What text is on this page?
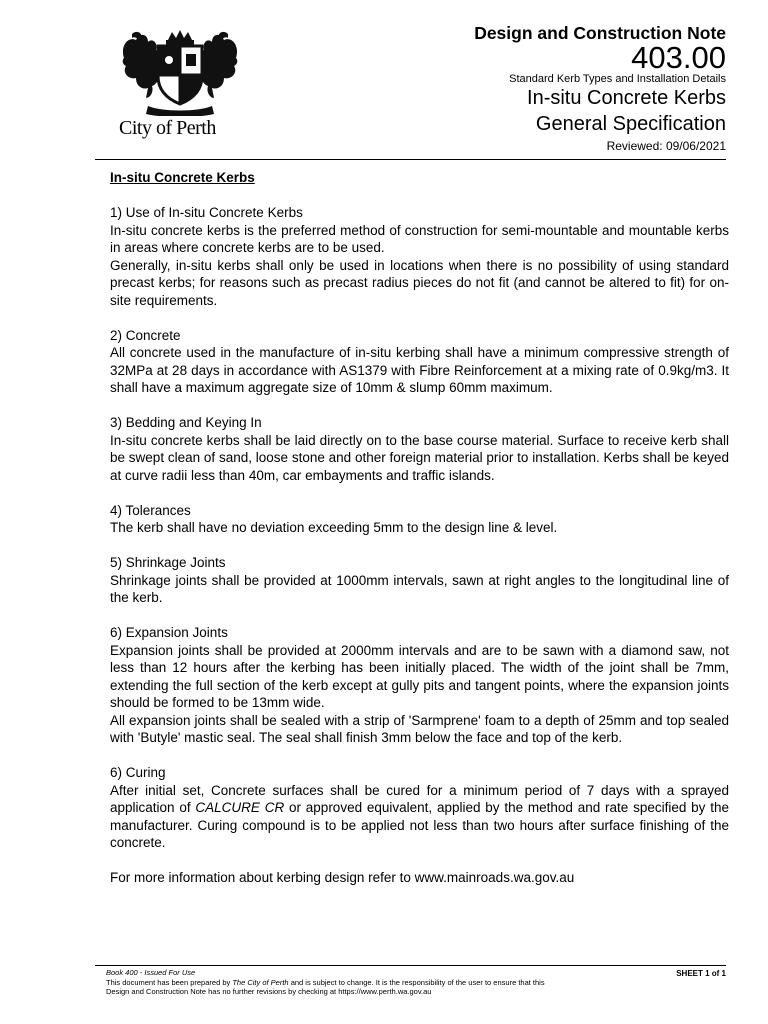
City of Perth
Design and Construction Note
403.00
Standard Kerb Types and Installation Details
In-situ Concrete Kerbs
General Specification
Reviewed: 09/06/2021
In-situ Concrete Kerbs

1) Use of In-situ Concrete Kerbs

In-situ concrete kerbs is the preferred method of construction for semi-mountable and mountable kerbs in areas where concrete kerbs are to be used.

Generally, in-situ kerbs shall only be used in locations when there is no possibility of using standard precast kerbs; for reasons such as precast radius pieces do not fit (and cannot be altered to fit) for on-site requirements.

2) Concrete

All concrete used in the manufacture of in-situ kerbing shall have a minimum compressive strength of 32MPa at 28 days in accordance with AS1379 with Fibre Reinforcement at a mixing rate of 0.9kg/m3. It shall have a maximum aggregate size of 10mm & slump 60mm maximum.

3) Bedding and Keying In

In-situ concrete kerbs shall be laid directly on to the base course material. Surface to receive kerb shall be swept clean of sand, loose stone and other foreign material prior to installation. Kerbs shall be keyed at curve radii less than 40m, car embayments and traffic islands.

4) Tolerances

The kerb shall have no deviation exceeding 5mm to the design line & level.

5) Shrinkage Joints

Shrinkage joints shall be provided at 1000mm intervals, sawn at right angles to the longitudinal line of the kerb.

6) Expansion Joints

Expansion joints shall be provided at 2000mm intervals and are to be sawn with a diamond saw, not less than 12 hours after the kerbing has been initially placed. The width of the joint shall be 7mm, extending the full section of the kerb except at gully pits and tangent points, where the expansion joints should be formed to be 13mm wide.

All expansion joints shall be sealed with a strip of 'Sarmprene' foam to a depth of 25mm and top sealed with 'Butyle' mastic seal. The seal shall finish 3mm below the face and top of the kerb.

6) Curing

After initial set, Concrete surfaces shall be cured for a minimum period of 7 days with a sprayed application of CALCURE CR or approved equivalent, applied by the method and rate specified by the manufacturer. Curing compound is to be applied not less than two hours after surface finishing of the concrete.

For more information about kerbing design refer to www.mainroads.wa.gov.au

Book 400 - Issued For Use
This document has been prepared by The City of Perth and is subject to change. It is the responsibility of the user to ensure that this
Design and Construction Note has no further revisions by checking at https://www.perth.wa.gov.au
SHEET 1 of 1
